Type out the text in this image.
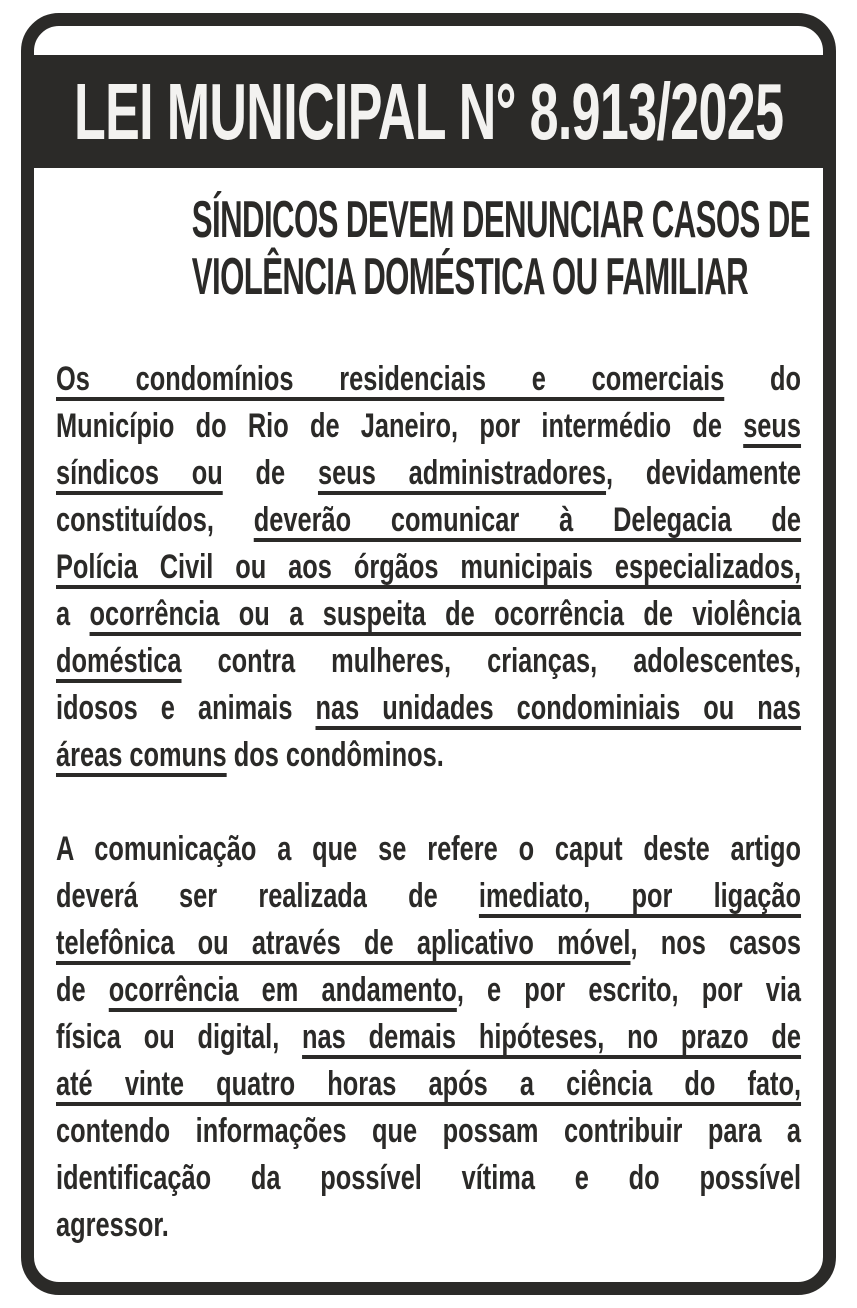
LEI MUNICIPAL N° 8.913/2025
SÍNDICOS DEVEM DENUNCIAR CASOS DE
VIOLÊNCIA DOMÉSTICA OU FAMILIAR
Os condomínios residenciais e comerciais do
Município do Rio de Janeiro, por intermédio de seus
síndicos ou de seus administradores, devidamente
constituídos, deverão comunicar à Delegacia de
Polícia Civil ou aos órgãos municipais especializados,
a ocorrência ou a suspeita de ocorrência de violência
doméstica contra mulheres, crianças, adolescentes,
idosos e animais nas unidades condominiais ou nas
áreas comuns dos condôminos.
A comunicação a que se refere o caput deste artigo
deverá ser realizada de imediato, por ligação
telefônica ou através de aplicativo móvel, nos casos
de ocorrência em andamento, e por escrito, por via
física ou digital, nas demais hipóteses, no prazo de
até vinte quatro horas após a ciência do fato,
contendo informações que possam contribuir para a
identificação da possível vítima e do possível
agressor.
